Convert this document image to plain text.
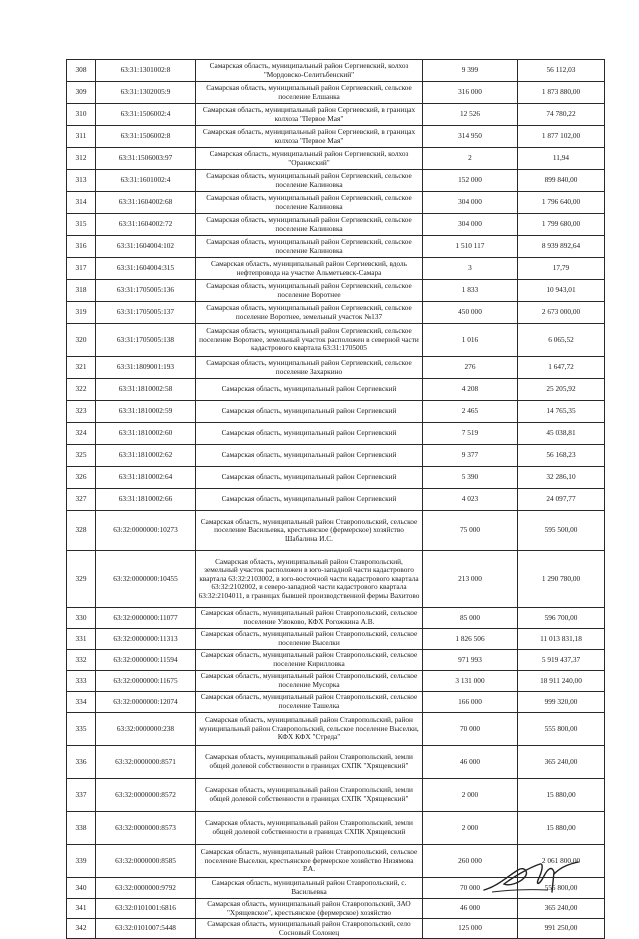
308	63:31:1301002:8	Самарская область, муниципальный район Сергиевский, колхоз "Мордовско-Селитьбенский"	9 399	56 112,03
309	63:31:1302005:9	Самарская область, муниципальный район Сергиевский, сельское поселение Елшанка	316 000	1 873 880,00
310	63:31:1506002:4	Самарская область, муниципальный район Сергиевский, в границах колхоза "Первое Мая"	12 526	74 780,22
311	63:31:1506002:8	Самарская область, муниципальный район Сергиевский, в границах колхоза "Первое Мая"	314 950	1 877 102,00
312	63:31:1506003:97	Самарская область, муниципальный район Сергиевский, колхоз "Оранжский"	2	11,94
313	63:31:1601002:4	Самарская область, муниципальный район Сергиевский, сельское поселение Калиновка	152 000	899 840,00
314	63:31:1604002:68	Самарская область, муниципальный район Сергиевский, сельское поселение Калиновка	304 000	1 796 640,00
315	63:31:1604002:72	Самарская область, муниципальный район Сергиевский, сельское поселение Калиновка	304 000	1 799 680,00
316	63:31:1604004:102	Самарская область, муниципальный район Сергиевский, сельское поселение Калиновка	1 510 117	8 939 892,64
317	63:31:1604004:315	Самарская область, муниципальный район Сергиевский, вдоль нефтепровода на участке Альметьевск-Самара	3	17,79
318	63:31:1705005:136	Самарская область, муниципальный район Сергиевский, сельское поселение Воротнее	1 833	10 943,01
319	63:31:1705005:137	Самарская область, муниципальный район Сергиевский, сельское поселение Воротнее, земельный участок №137	450 000	2 673 000,00
320	63:31:1705005:138	Самарская область, муниципальный район Сергиевский, сельское поселение Воротнее, земельный участок расположен в северной части кадастрового квартала 63:31:1705005	1 016	6 065,52
321	63:31:1809001:193	Самарская область, муниципальный район Сергиевский, сельское поселение Захаркино	276	1 647,72
322	63:31:1810002:58	Самарская область, муниципальный район Сергиевский	4 208	25 205,92
323	63:31:1810002:59	Самарская область, муниципальный район Сергиевский	2 465	14 765,35
324	63:31:1810002:60	Самарская область, муниципальный район Сергиевский	7 519	45 038,81
325	63:31:1810002:62	Самарская область, муниципальный район Сергиевский	9 377	56 168,23
326	63:31:1810002:64	Самарская область, муниципальный район Сергиевский	5 390	32 286,10
327	63:31:1810002:66	Самарская область, муниципальный район Сергиевский	4 023	24 097,77
328	63:32:0000000:10273	Самарская область, муниципальный район Ставропольский, сельское поселение Васильевка, крестьянское (фермерское) хозяйство Шабалина И.С.	75 000	595 500,00
329	63:32:0000000:10455	Самарская область, муниципальный район Ставропольский, земельный участок расположен в юго-западной части кадастрового квартала 63:32:2103002, в юго-восточной части кадастрового квартала 63:32:2102002, в северо-западной части кадастрового квартала 63:32:2104011, в границах бывшей производственной фермы Вахитово	213 000	1 290 780,00
330	63:32:0000000:11077	Самарская область, муниципальный район Ставропольский, сельское поселение Узюково, КФХ Рогожкина А.В.	85 000	596 700,00
331	63:32:0000000:11313	Самарская область, муниципальный район Ставропольский, сельское поселение Выселки	1 826 506	11 013 831,18
332	63:32:0000000:11594	Самарская область, муниципальный район Ставропольский, сельское поселение Кирилловка	971 993	5 919 437,37
333	63:32:0000000:11675	Самарская область, муниципальный район Ставропольский, сельское поселение Мусорка	3 131 000	18 911 240,00
334	63:32:0000000:12074	Самарская область, муниципальный район Ставропольский, сельское поселение Ташелка	166 000	999 320,00
335	63:32:0000000:238	Самарская область, муниципальный район Ставропольский, район муниципальный район Ставропольский, сельское поселение Выселки, КФХ КФХ "Стреда"	70 000	555 800,00
336	63:32:0000000:8571	Самарская область, муниципальный район Ставропольский, земли общей долевой собственности в границах СХПК "Хрящевский"	46 000	365 240,00
337	63:32:0000000:8572	Самарская область, муниципальный район Ставропольский, земли общей долевой собственности в границах СХПК "Хрящевский"	2 000	15 880,00
338	63:32:0000000:8573	Самарская область, муниципальный район Ставропольский, земли общей долевой собственности в границах СХПК Хрящевский	2 000	15 880,00
339	63:32:0000000:8585	Самарская область, муниципальный район Ставропольский, сельское поселение Выселки, крестьянское фермерское хозяйство Низямова Р.А.	260 000	2 061 800,00
340	63:32:0000000:9792	Самарская область, муниципальный район Ставропольский, с. Васильевка	70 000	555 800,00
341	63:32:0101001:6816	Самарская область, муниципальный район Ставропольский, ЗАО "Хрящевское", крестьянское (фермерское) хозяйство	46 000	365 240,00
342	63:32:0101007:5448	Самарская область, муниципальный район Ставропольский, село Сосновый Солонец	125 000	991 250,00
